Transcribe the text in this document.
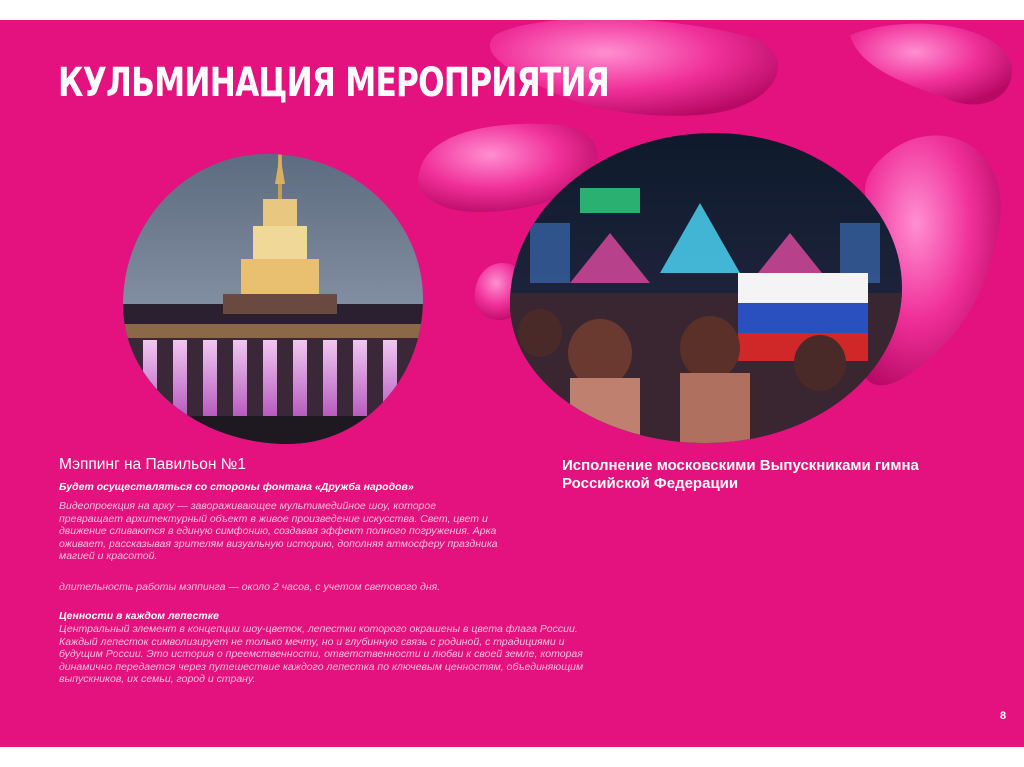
КУЛЬМИНАЦИЯ МЕРОПРИЯТИЯ
Мэппинг на Павильон №1
Будет осуществляться со стороны фонтана «Дружба народов»

Видеопроекция на арку — завораживающее мультимедийное шоу, которое превращает архитектурный объект в живое произведение искусства. Свет, цвет и движение сливаются в единую симфонию, создавая эффект полного погружения. Арка оживает, рассказывая зрителям визуальную историю, дополняя атмосферу праздника магией и красотой.

длительность работы мэппинга — около 2 часов, с учетом светового дня.

Ценности в каждом лепестке

Центральный элемент в концепции шоу-цветок, лепестки которого окрашены в цвета флага России. Каждый лепесток символизирует не только мечту, но и глубинную связь с родиной, с традициями и будущим России. Это история о преемственности, ответственности и любви к своей земле, которая динамично передается через путешествие каждого лепестка по ключевым ценностям, объединяющим выпускников, их семьи, город и страну.

Исполнение московскими Выпускниками гимна Российской Федерации
8
